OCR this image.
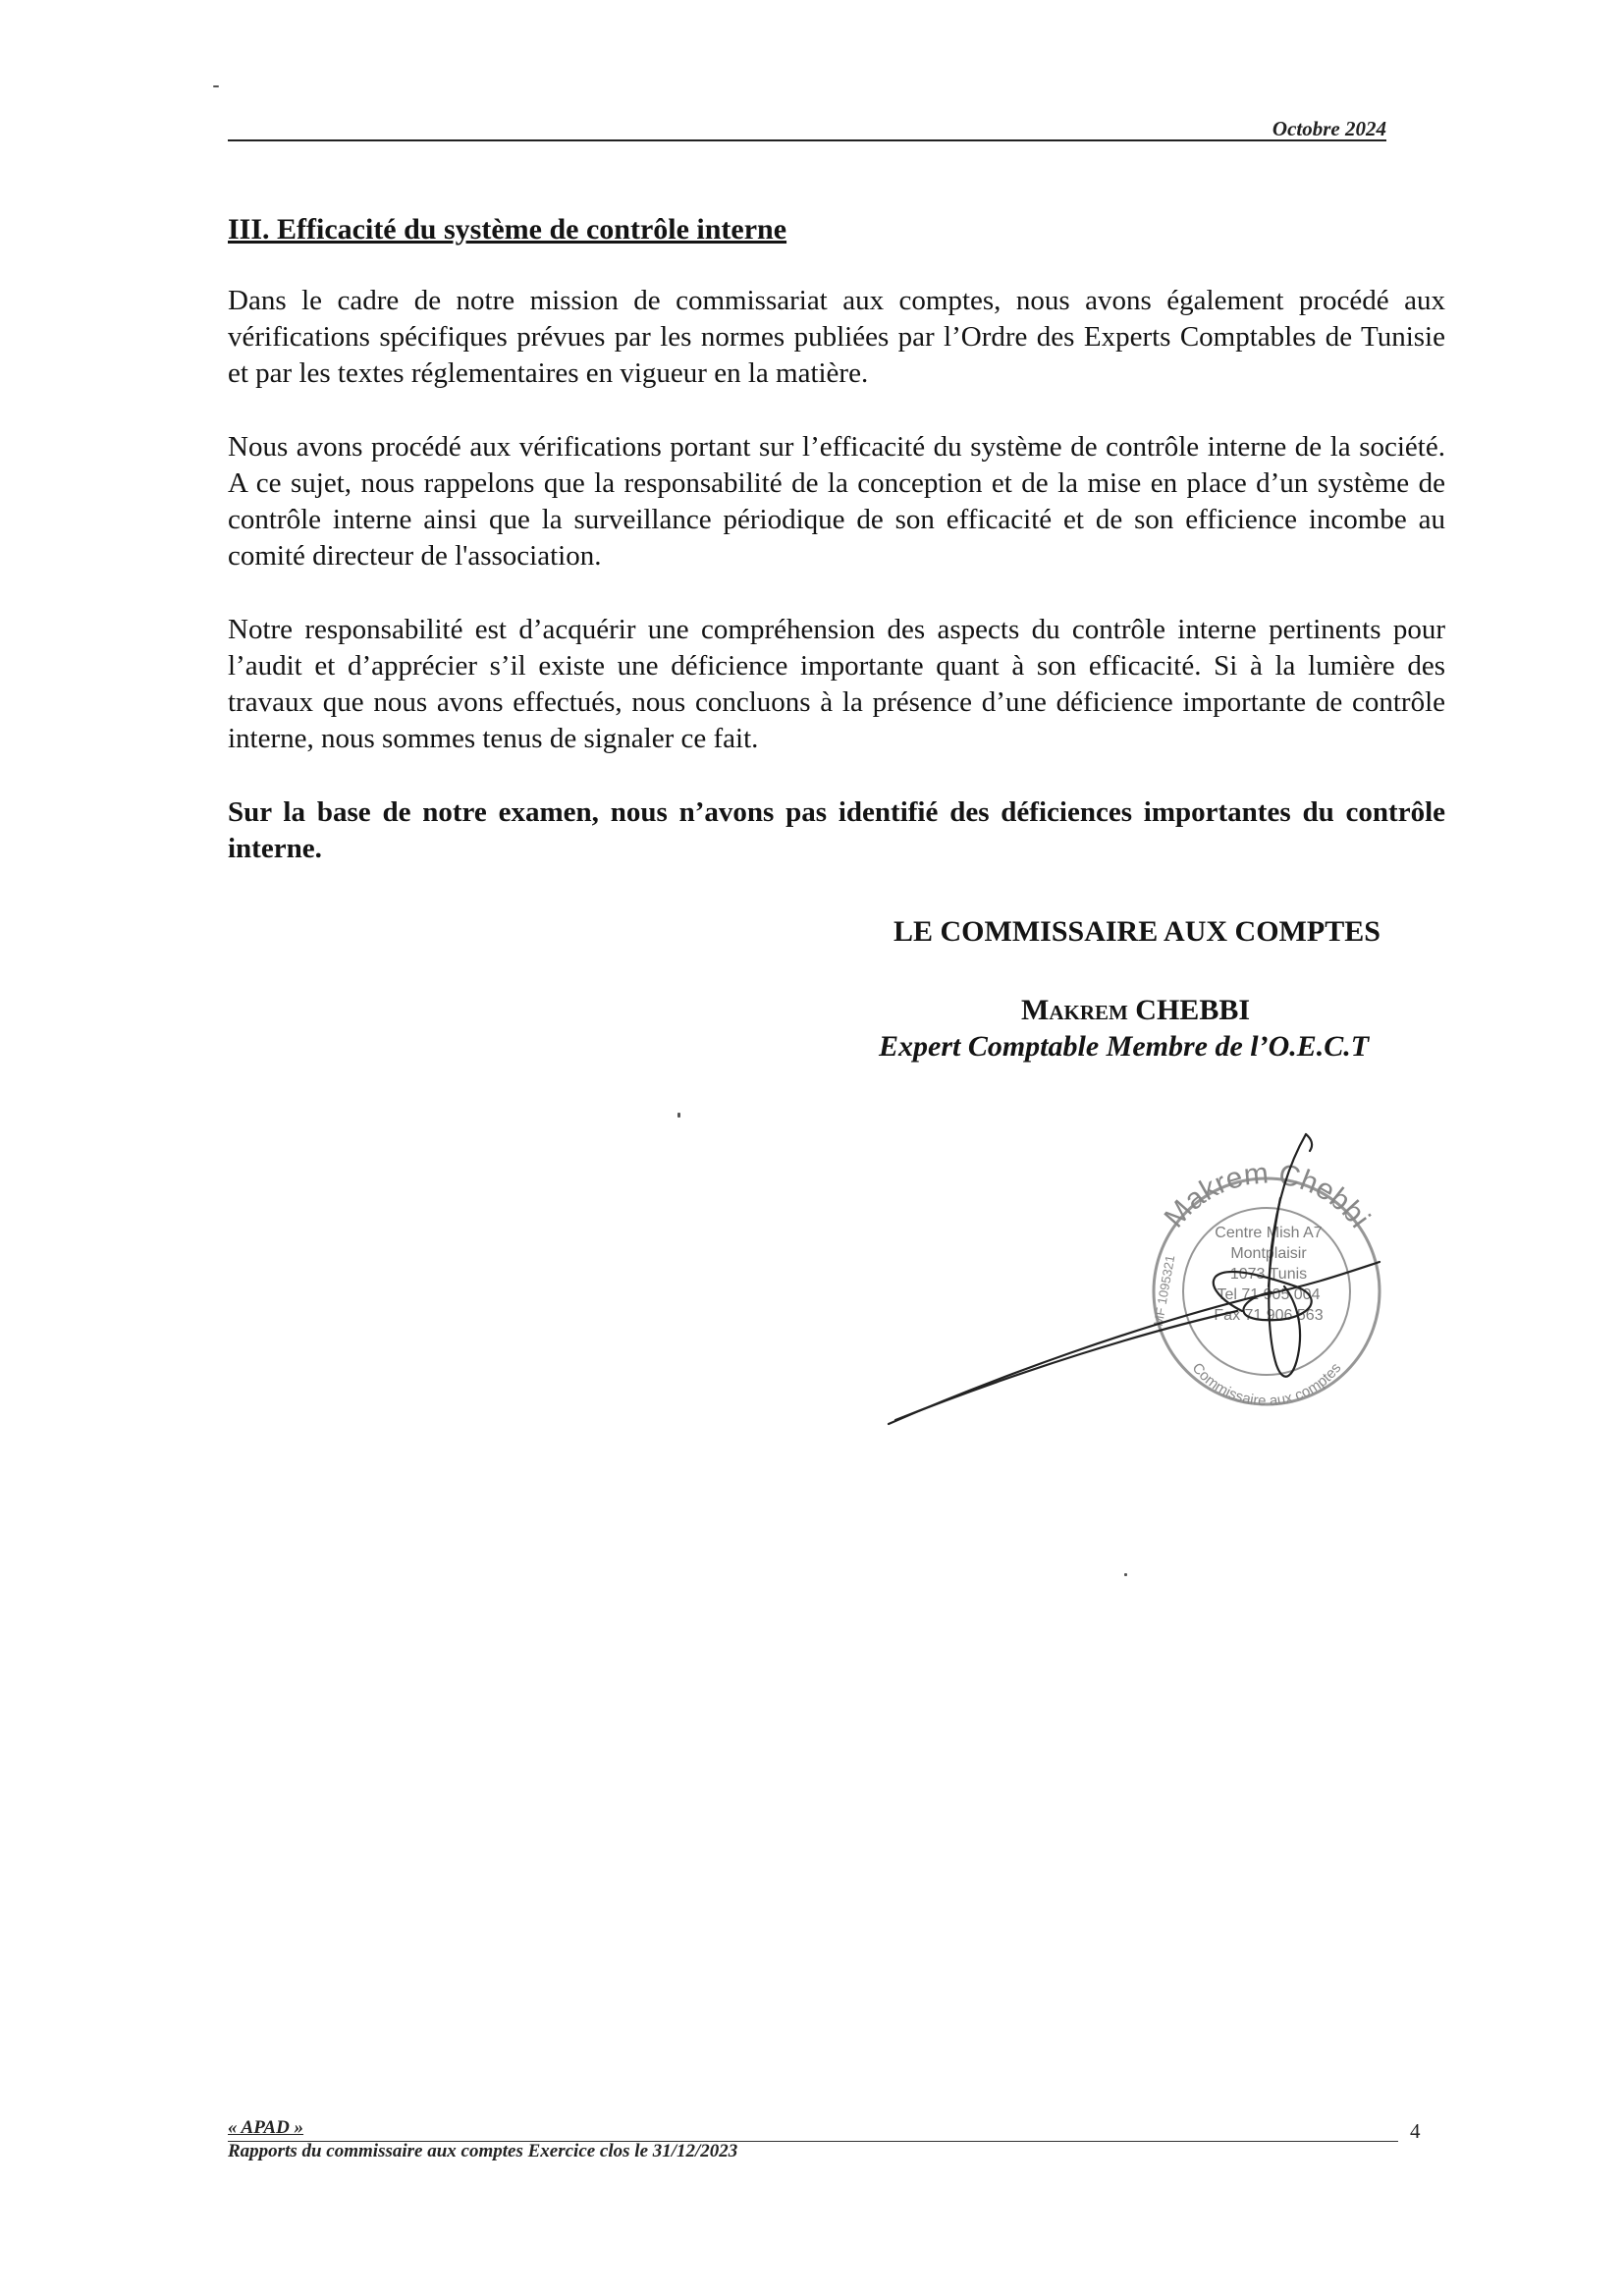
Octobre 2024
III. Efficacité du système de contrôle interne

Dans le cadre de notre mission de commissariat aux comptes, nous avons également procédé aux vérifications spécifiques prévues par les normes publiées par l’Ordre des Experts Comptables de Tunisie et par les textes réglementaires en vigueur en la matière.

Nous avons procédé aux vérifications portant sur l’efficacité du système de contrôle interne de la société. A ce sujet, nous rappelons que la responsabilité de la conception et de la mise en place d’un système de contrôle interne ainsi que la surveillance périodique de son efficacité et de son efficience incombe au comité directeur de l'association.

Notre responsabilité est d’acquérir une compréhension des aspects du contrôle interne pertinents pour l’audit et d’apprécier s’il existe une déficience importante quant à son efficacité. Si à la lumière des travaux que nous avons effectués, nous concluons à la présence d’une déficience importante de contrôle interne, nous sommes tenus de signaler ce fait.

Sur la base de notre examen, nous n’avons pas identifié des déficiences importantes du contrôle interne.

LE COMMISSAIRE AUX COMPTES
Makrem CHEBBI
Expert Comptable Membre de l’O.E.C.T
Makrem Chebbi
Commissaire aux comptes
MF 1095321
Centre Mish A7
Montplaisir
1073 Tunis
Tel 71 905 004
Fax 71 906 563
« APAD »
Rapports du commissaire aux comptes Exercice clos le 31/12/2023
4
